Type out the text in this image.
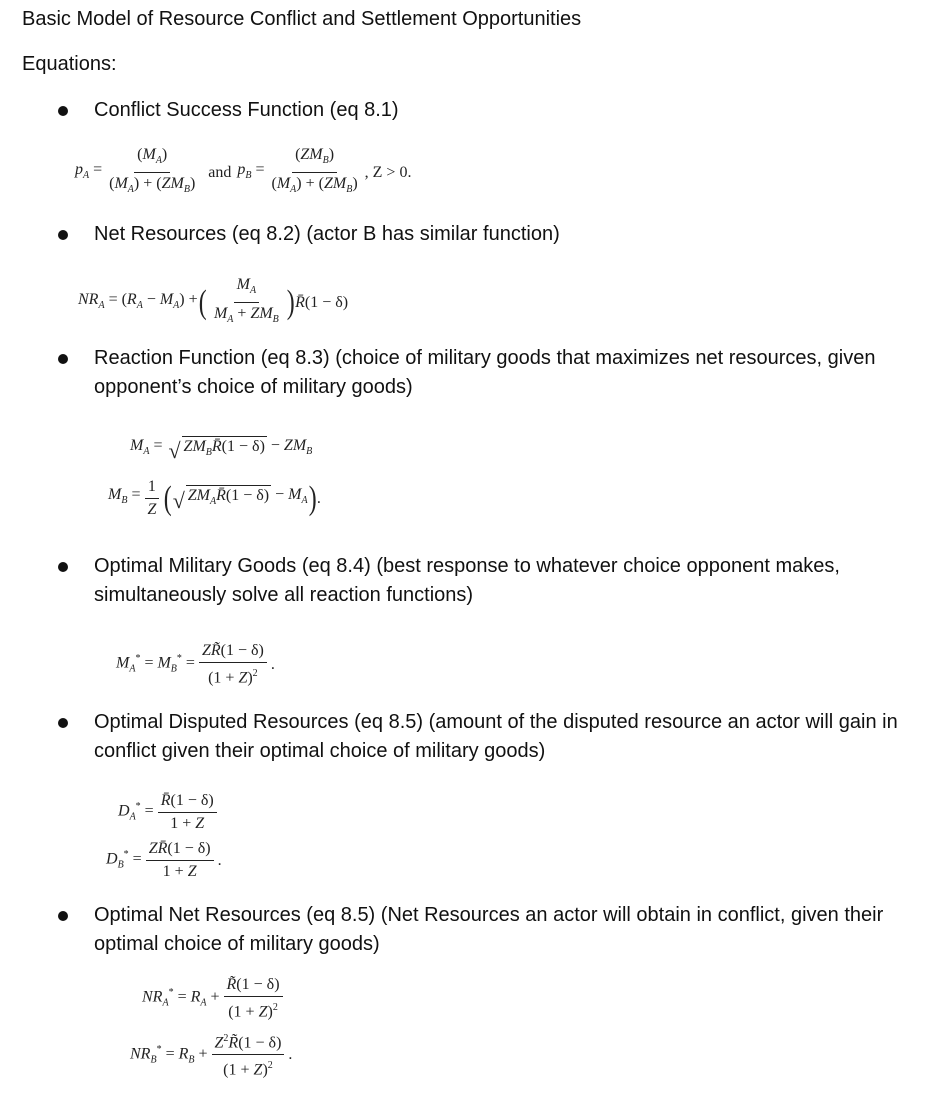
Basic Model of Resource Conflict and Settlement Opportunities
Equations:
Conflict Success Function (eq 8.1)
$p_A = \frac{(M_A)}{(M_A) + (ZM_B)}$ and $p_B = \frac{(ZM_B)}{(M_A) + (ZM_B)}$ , Z > 0.
Net Resources (eq 8.2) (actor B has similar function)
$NR_A = (R_A - M_A)$ + ( $\frac{M_A}{M_A + ZM_B}$ ) R̄(1 − δ)
Reaction Function (eq 8.3) (choice of military goods that maximizes net resources, given opponent’s choice of military goods)
$M_A$ = √ $ZM_BR̄(1 - \delta) - ZM_B$
$M_B = \frac{1}{Z}$ ( √ $ZM_AR̄(1 - \delta) - M_A$ ) .
Optimal Military Goods (eq 8.4) (best response to whatever choice opponent makes, simultaneously solve all reaction functions)
$M_A^* = M_B^* = \frac{ZR̃(1 - \delta)}{(1 + Z)^2}$ .
Optimal Disputed Resources (eq 8.5) (amount of the disputed resource an actor will gain in conflict given their optimal choice of military goods)
$D_A^* = \frac{R̄(1 - \delta)}{1 + Z}$
$D_B^* = \frac{ZR̄(1 - \delta)}{1 + Z}$ .
Optimal Net Resources (eq 8.5) (Net Resources an actor will obtain in conflict, given their optimal choice of military goods)
$NR_A^* = R_A + \frac{R̃(1 - \delta)}{(1 + Z)^2}$
$NR_B^* = R_B + \frac{Z^2R̃(1 - \delta)}{(1 + Z)^2}$ .
